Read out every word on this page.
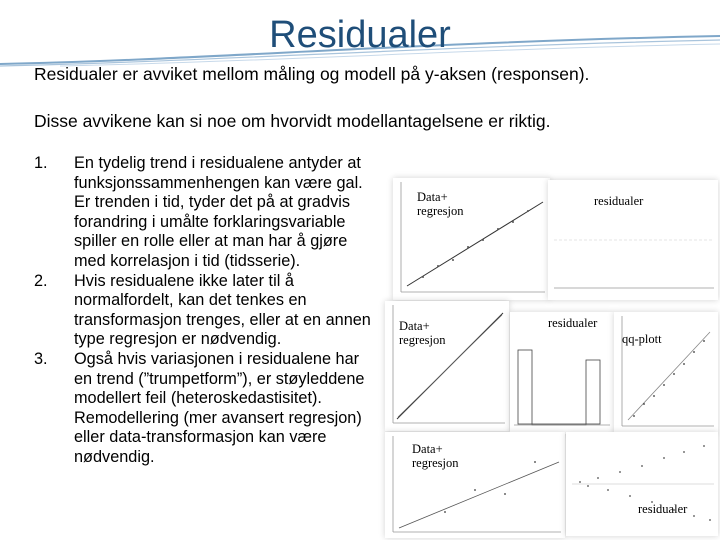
Residualer
Residualer er avviket mellom måling og modell på y-aksen (responsen).
Disse avvikene kan si noe om hvorvidt modellantagelsene er riktig.
1. En tydelig trend i residualene antyder at funksjonssammenhengen kan være gal. Er trenden i tid, tyder det på at gradvis forandring i umålte forklaringsvariable spiller en rolle eller at man har å gjøre med korrelasjon i tid (tidsserie).
2. Hvis residualene ikke later til å normalfordelt, kan det tenkes en transformasjon trenges, eller at en annen type regresjon er nødvendig.
3. Også hvis variasjonen i residualene har en trend (”trumpetform”), er støyleddene modellert feil (heteroskedastisitet). Remodellering (mer avansert regresjon) eller data-transformasjon kan være nødvendig.
Data+
regresjon
residualer
Data+
regresjon
residualer
qq-plott
Data+
regresjon
residualer
